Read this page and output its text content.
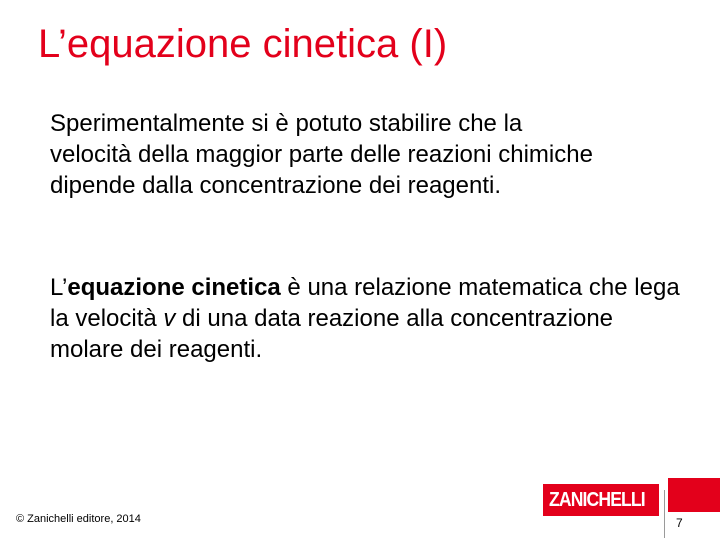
L’equazione cinetica (I)
Sperimentalmente si è potuto stabilire che la velocità della maggior parte delle reazioni chimiche dipende dalla concentrazione dei reagenti.
L’equazione cinetica è una relazione matematica che lega la velocità v di una data reazione alla concentrazione molare dei reagenti.
© Zanichelli editore, 2014
ZANICHELLI
7
